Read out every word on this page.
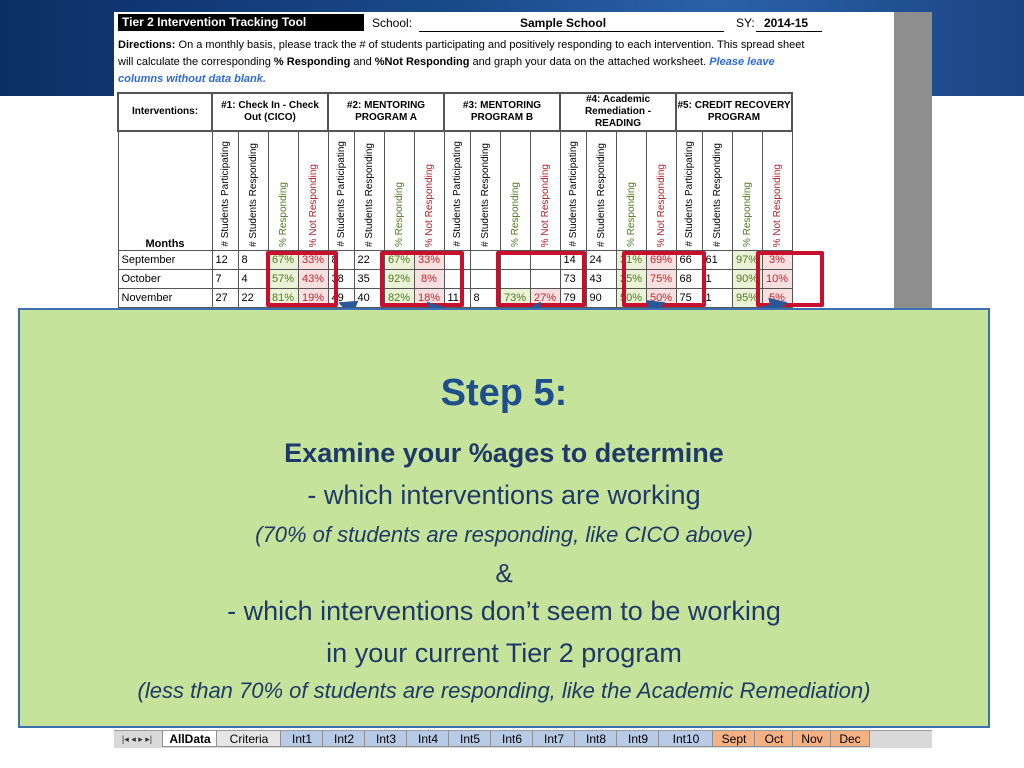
Tier 2 Intervention Tracking Tool	School:	Sample School	SY: 2014-15
Directions: On a monthly basis, please track the # of students participating and positively responding to each intervention. This spread sheet will calculate the corresponding % Responding and %Not Responding and graph your data on the attached worksheet. Please leave columns without data blank.
Interventions:	#1: Check In - Check Out (CICO)				#2: MENTORING PROGRAM A				#3: MENTORING PROGRAM B				#4: Academic Remediation - READING				#5: CREDIT RECOVERY PROGRAM			
Months	# Students Participating	# Students Responding	% Responding	% Not Responding	# Students Participating	# Students Responding	% Responding	% Not Responding	# Students Participating	# Students Responding	% Responding	% Not Responding	# Students Participating	# Students Responding	% Responding	% Not Responding	# Students Participating	# Students Responding	% Responding	% Not Responding
September	12	8	67%	33%	8	22	67%	33%					14	24	31%	69%	66	61	97%	3%
October	7	4	57%	43%	38	35	92%	8%					73	43	25%	75%	68	1	90%	10%
November	27	22	81%	19%	49	40	82%	18%	11	8	73%	27%	79	90	50%	50%	75	1	95%	5%
Step 5:
Examine your %ages to determine
- which interventions are working
(70% of students are responding, like CICO above)
&
- which interventions don’t seem to be working
in your current Tier 2 program
(less than 70% of students are responding, like the Academic Remediation)
|◂ ◂ ▸ ▸|	AllData	Criteria	Int1	Int2	Int3	Int4	Int5	Int6	Int7	Int8	Int9	Int10	Sept	Oct	Nov	Dec
